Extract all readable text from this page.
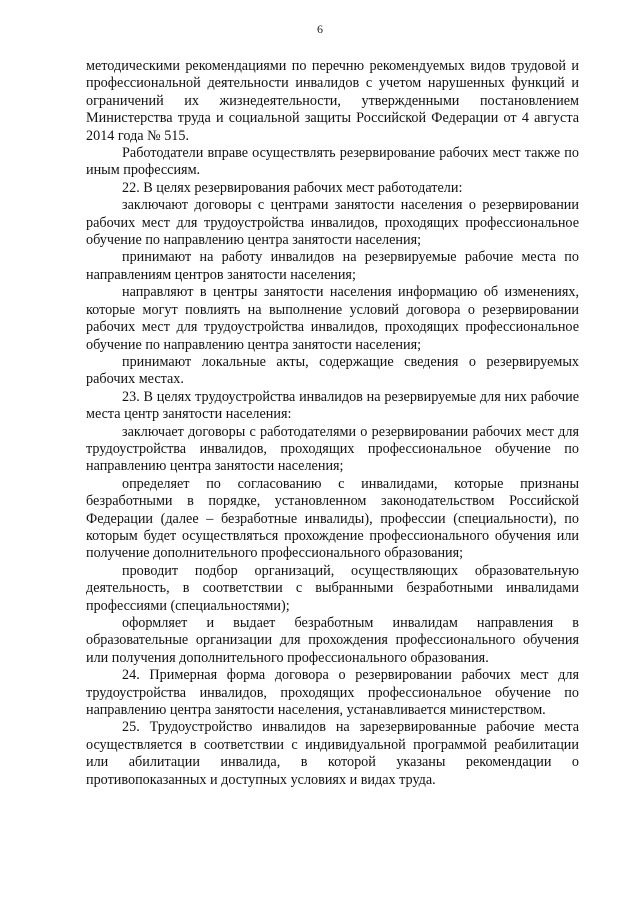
6

методическими рекомендациями по перечню рекомендуемых видов трудовой и профессиональной деятельности инвалидов с учетом нарушенных функций и ограничений их жизнедеятельности, утвержденными постановлением Министерства труда и социальной защиты Российской Федерации от 4 августа 2014 года № 515.

Работодатели вправе осуществлять резервирование рабочих мест также по иным профессиям.

22. В целях резервирования рабочих мест работодатели:

заключают договоры с центрами занятости населения о резервировании рабочих мест для трудоустройства инвалидов, проходящих профессиональное обучение по направлению центра занятости населения;

принимают на работу инвалидов на резервируемые рабочие места по направлениям центров занятости населения;

направляют в центры занятости населения информацию об изменениях, которые могут повлиять на выполнение условий договора о резервировании рабочих мест для трудоустройства инвалидов, проходящих профессиональное обучение по направлению центра занятости населения;

принимают локальные акты, содержащие сведения о резервируемых рабочих местах.

23. В целях трудоустройства инвалидов на резервируемые для них рабочие места центр занятости населения:

заключает договоры с работодателями о резервировании рабочих мест для трудоустройства инвалидов, проходящих профессиональное обучение по направлению центра занятости населения;

определяет по согласованию с инвалидами, которые признаны безработными в порядке, установленном законодательством Российской Федерации (далее – безработные инвалиды), профессии (специальности), по которым будет осуществляться прохождение профессионального обучения или получение дополнительного профессионального образования;

проводит подбор организаций, осуществляющих образовательную деятельность, в соответствии с выбранными безработными инвалидами профессиями (специальностями);

оформляет и выдает безработным инвалидам направления в образовательные организации для прохождения профессионального обучения или получения дополнительного профессионального образования.

24. Примерная форма договора о резервировании рабочих мест для трудоустройства инвалидов, проходящих профессиональное обучение по направлению центра занятости населения, устанавливается министерством.

25. Трудоустройство инвалидов на зарезервированные рабочие места осуществляется в соответствии с индивидуальной программой реабилитации или абилитации инвалида, в которой указаны рекомендации о противопоказанных и доступных условиях и видах труда.
